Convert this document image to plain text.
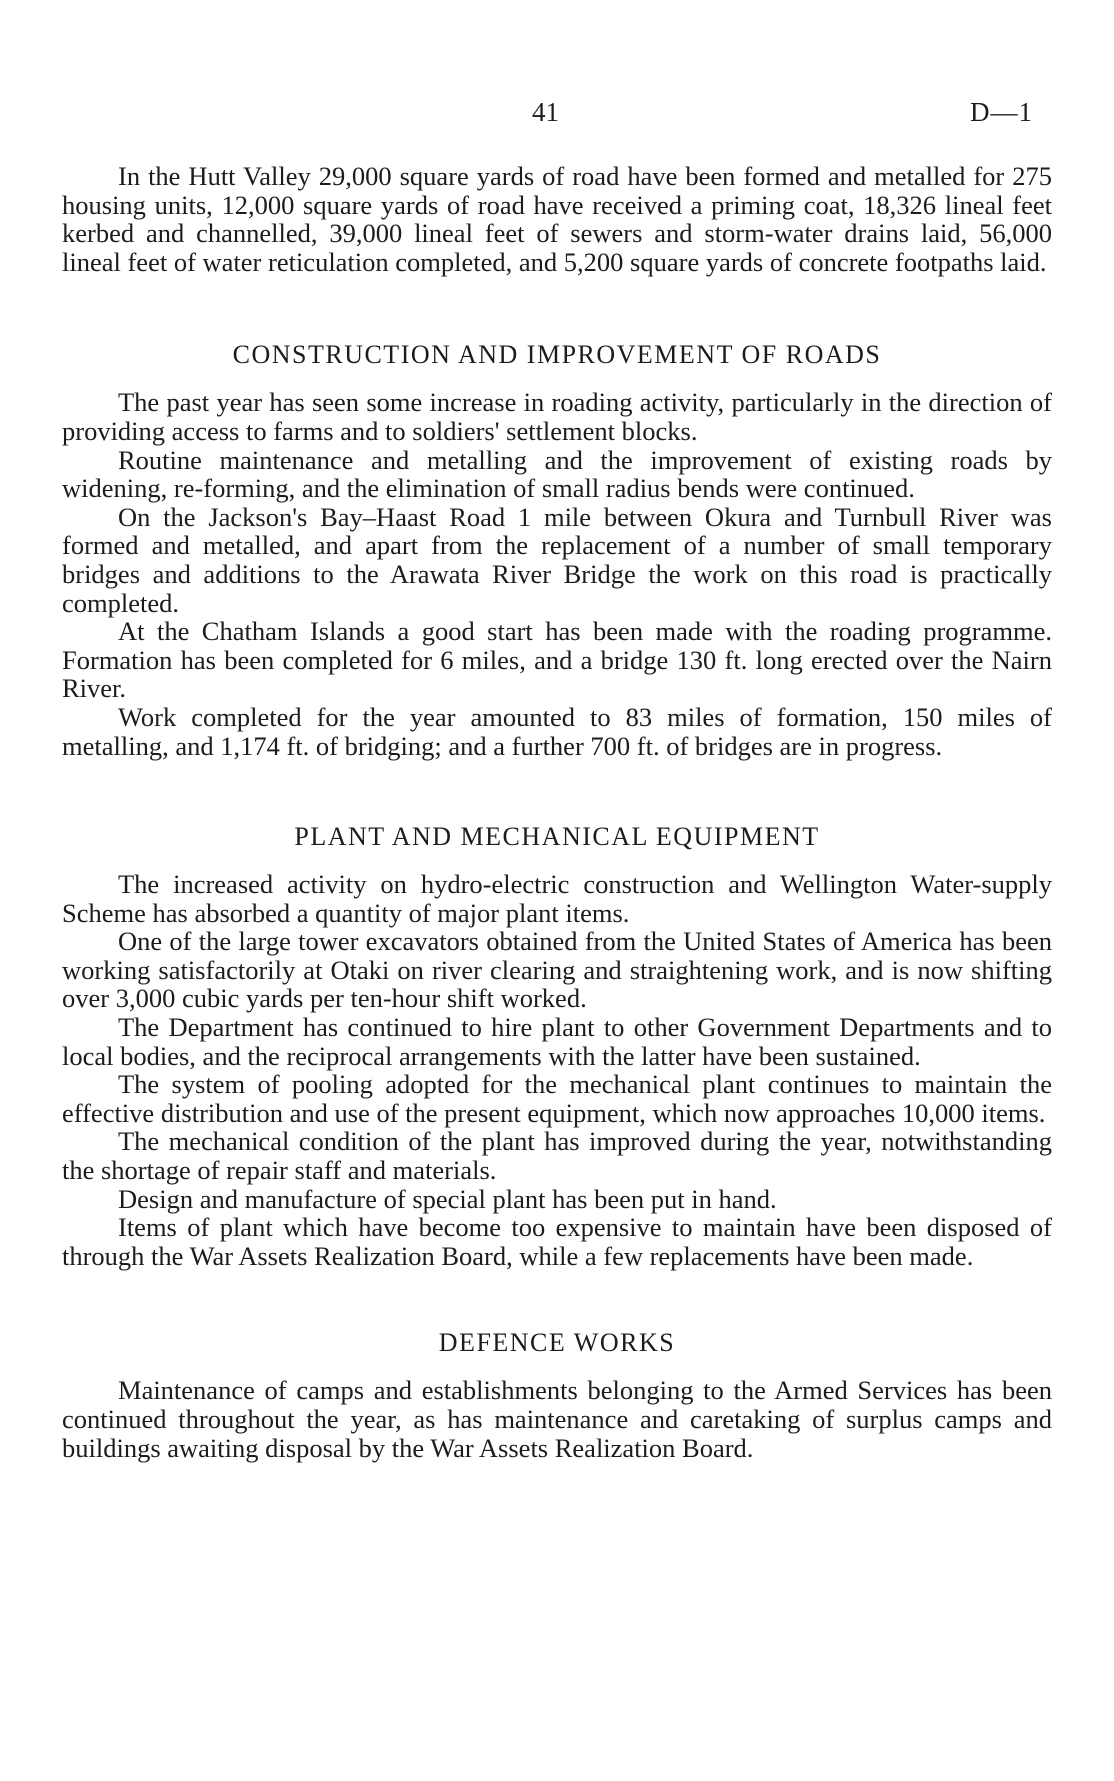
41	D—1

In the Hutt Valley 29,000 square yards of road have been formed and metalled for 275 housing units, 12,000 square yards of road have received a priming coat, 18,326 lineal feet kerbed and channelled, 39,000 lineal feet of sewers and storm-water drains laid, 56,000 lineal feet of water reticulation completed, and 5,200 square yards of concrete footpaths laid.

CONSTRUCTION AND IMPROVEMENT OF ROADS

The past year has seen some increase in roading activity, particularly in the direction of providing access to farms and to soldiers' settlement blocks.

Routine maintenance and metalling and the improvement of existing roads by widening, re-forming, and the elimination of small radius bends were continued.

On the Jackson's Bay–Haast Road 1 mile between Okura and Turnbull River was formed and metalled, and apart from the replacement of a number of small temporary bridges and additions to the Arawata River Bridge the work on this road is practically completed.

At the Chatham Islands a good start has been made with the roading programme. Formation has been completed for 6 miles, and a bridge 130 ft. long erected over the Nairn River.

Work completed for the year amounted to 83 miles of formation, 150 miles of metalling, and 1,174 ft. of bridging; and a further 700 ft. of bridges are in progress.

PLANT AND MECHANICAL EQUIPMENT

The increased activity on hydro-electric construction and Wellington Water-supply Scheme has absorbed a quantity of major plant items.

One of the large tower excavators obtained from the United States of America has been working satisfactorily at Otaki on river clearing and straightening work, and is now shifting over 3,000 cubic yards per ten-hour shift worked.

The Department has continued to hire plant to other Government Departments and to local bodies, and the reciprocal arrangements with the latter have been sustained.

The system of pooling adopted for the mechanical plant continues to maintain the effective distribution and use of the present equipment, which now approaches 10,000 items.

The mechanical condition of the plant has improved during the year, notwithstanding the shortage of repair staff and materials.

Design and manufacture of special plant has been put in hand.

Items of plant which have become too expensive to maintain have been disposed of through the War Assets Realization Board, while a few replacements have been made.

DEFENCE WORKS

Maintenance of camps and establishments belonging to the Armed Services has been continued throughout the year, as has maintenance and caretaking of surplus camps and buildings awaiting disposal by the War Assets Realization Board.
